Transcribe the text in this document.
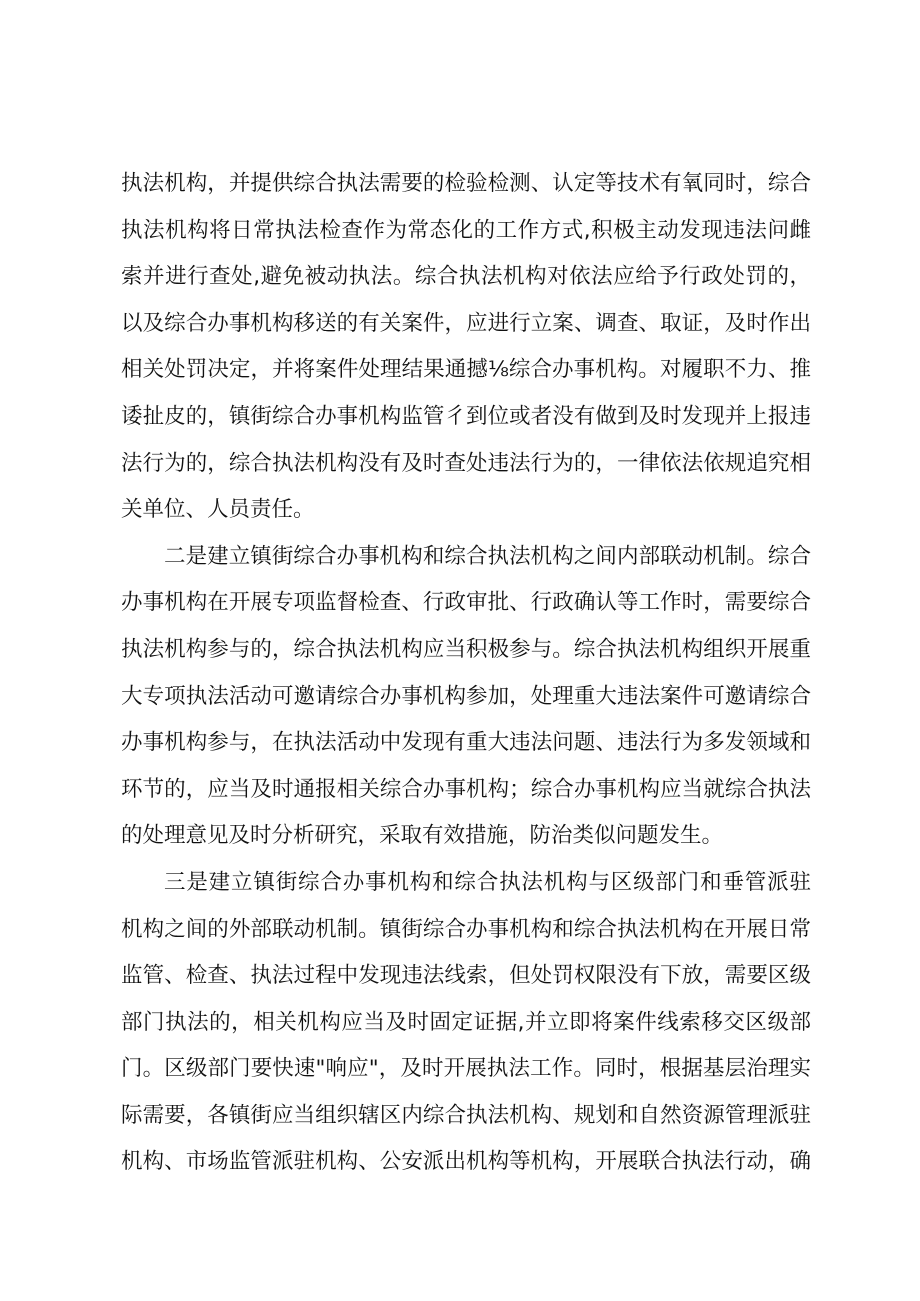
执法机构，并提供综合执法需要的检验检测、认定等技术有氧同时，综合
执法机构将日常执法检查作为常态化的工作方式,积极主动发现违法问雌
索并进行查处,避免被动执法。综合执法机构对依法应给予行政处罚的，
以及综合办事机构移送的有关案件，应进行立案、调查、取证，及时作出
相关处罚决定，并将案件处理结果通撼⅛综合办事机构。对履职不力、推
诿扯皮的，镇街综合办事机构监管彳到位或者没有做到及时发现并上报违
法行为的，综合执法机构没有及时查处违法行为的，一律依法依规追究相
关单位、人员责任。
二是建立镇街综合办事机构和综合执法机构之间内部联动机制。综合
办事机构在开展专项监督检查、行政审批、行政确认等工作时，需要综合
执法机构参与的，综合执法机构应当积极参与。综合执法机构组织开展重
大专项执法活动可邀请综合办事机构参加，处理重大违法案件可邀请综合
办事机构参与，在执法活动中发现有重大违法问题、违法行为多发领域和
环节的，应当及时通报相关综合办事机构；综合办事机构应当就综合执法
的处理意见及时分析研究，采取有效措施，防治类似问题发生。
三是建立镇街综合办事机构和综合执法机构与区级部门和垂管派驻
机构之间的外部联动机制。镇街综合办事机构和综合执法机构在开展日常
监管、检查、执法过程中发现违法线索，但处罚权限没有下放，需要区级
部门执法的，相关机构应当及时固定证据,并立即将案件线索移交区级部
门。区级部门要快速"响应"，及时开展执法工作。同时，根据基层治理实
际需要，各镇街应当组织辖区内综合执法机构、规划和自然资源管理派驻
机构、市场监管派驻机构、公安派出机构等机构，开展联合执法行动，确
